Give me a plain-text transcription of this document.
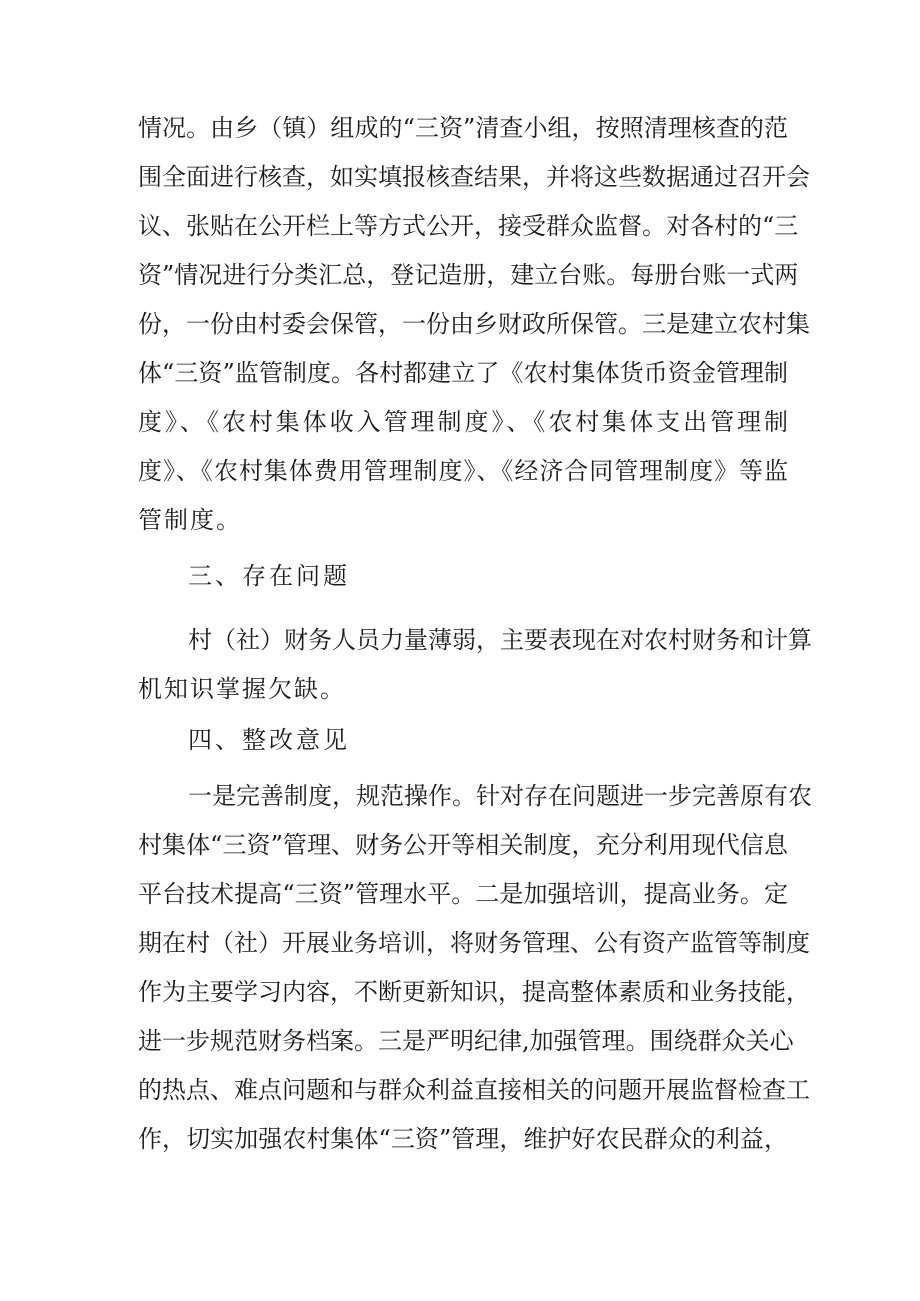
情况。由乡（镇）组成的“三资”清查小组，按照清理核查的范
围全面进行核查，如实填报核查结果，并将这些数据通过召开会
议、张贴在公开栏上等方式公开，接受群众监督。对各村的“三
资”情况进行分类汇总，登记造册，建立台账。每册台账一式两
份，一份由村委会保管，一份由乡财政所保管。三是建立农村集
体“三资”监管制度。各村都建立了《农村集体货币资金管理制
度》、《农村集体收入管理制度》、《农村集体支出管理制
度》、《农村集体费用管理制度》、《经济合同管理制度》等监
管制度。
三、存在问题
村（社）财务人员力量薄弱，主要表现在对农村财务和计算
机知识掌握欠缺。
四、整改意见
一是完善制度，规范操作。针对存在问题进一步完善原有农
村集体“三资”管理、财务公开等相关制度，充分利用现代信息
平台技术提高“三资”管理水平。二是加强培训，提高业务。定
期在村（社）开展业务培训，将财务管理、公有资产监管等制度
作为主要学习内容，不断更新知识，提高整体素质和业务技能，
进一步规范财务档案。三是严明纪律,加强管理。围绕群众关心
的热点、难点问题和与群众利益直接相关的问题开展监督检查工
作，切实加强农村集体“三资”管理，维护好农民群众的利益，
